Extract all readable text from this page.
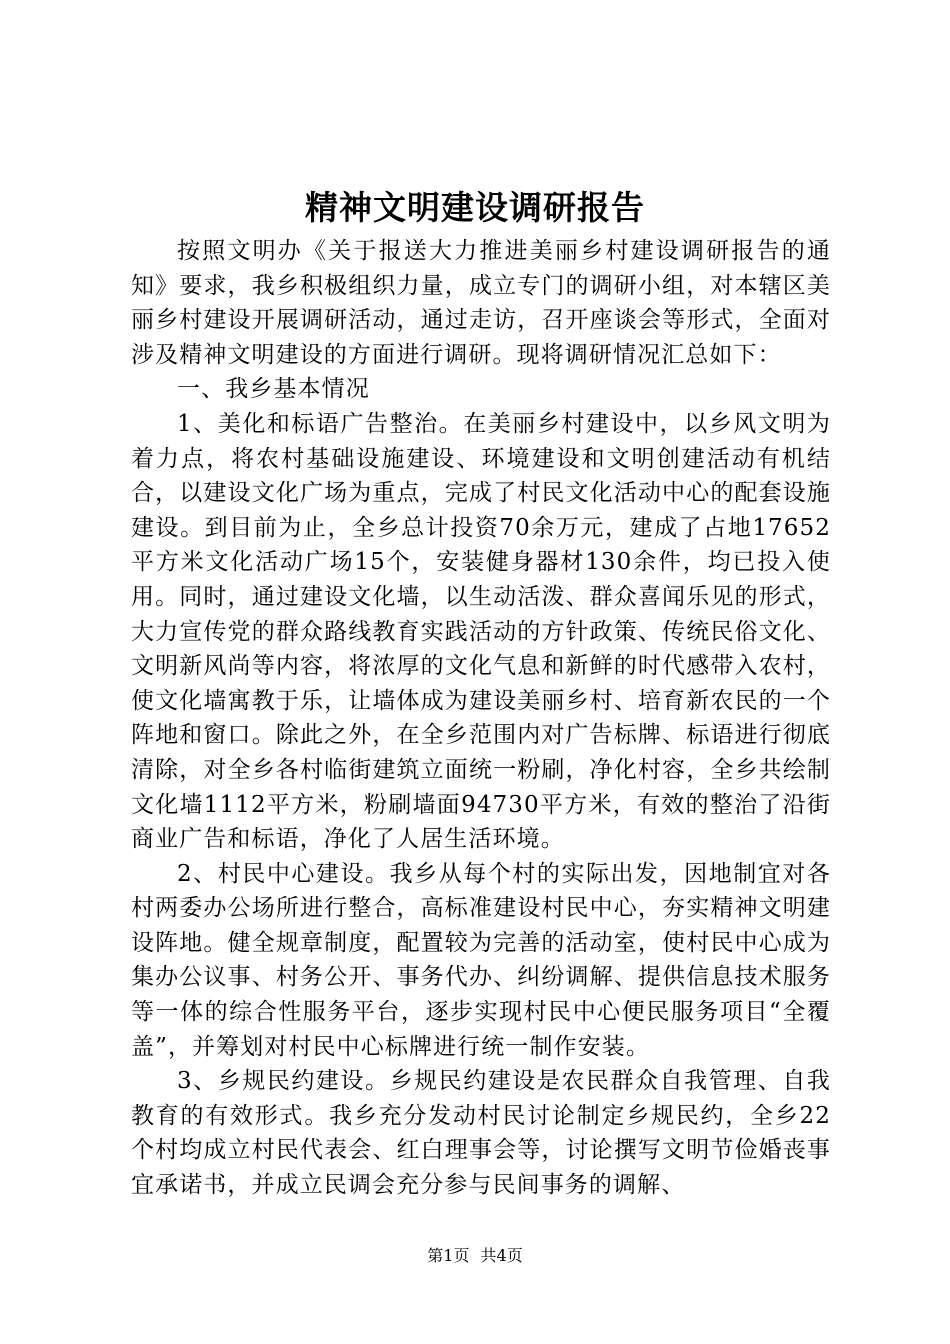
精神文明建设调研报告

按照文明办《关于报送大力推进美丽乡村建设调研报告的通知》要求，我乡积极组织力量，成立专门的调研小组，对本辖区美丽乡村建设开展调研活动，通过走访，召开座谈会等形式，全面对涉及精神文明建设的方面进行调研。现将调研情况汇总如下：

一、我乡基本情况

1、美化和标语广告整治。在美丽乡村建设中，以乡风文明为着力点，将农村基础设施建设、环境建设和文明创建活动有机结合，以建设文化广场为重点，完成了村民文化活动中心的配套设施建设。到目前为止，全乡总计投资70余万元，建成了占地17652平方米文化活动广场15个，安装健身器材130余件，均已投入使用。同时，通过建设文化墙，以生动活泼、群众喜闻乐见的形式，大力宣传党的群众路线教育实践活动的方针政策、传统民俗文化、文明新风尚等内容，将浓厚的文化气息和新鲜的时代感带入农村，使文化墙寓教于乐，让墙体成为建设美丽乡村、培育新农民的一个阵地和窗口。除此之外，在全乡范围内对广告标牌、标语进行彻底清除，对全乡各村临街建筑立面统一粉刷，净化村容，全乡共绘制文化墙1112平方米，粉刷墙面94730平方米，有效的整治了沿街商业广告和标语，净化了人居生活环境。

2、村民中心建设。我乡从每个村的实际出发，因地制宜对各村两委办公场所进行整合，高标准建设村民中心，夯实精神文明建设阵地。健全规章制度，配置较为完善的活动室，使村民中心成为集办公议事、村务公开、事务代办、纠纷调解、提供信息技术服务等一体的综合性服务平台，逐步实现村民中心便民服务项目“全覆盖”，并筹划对村民中心标牌进行统一制作安装。

3、乡规民约建设。乡规民约建设是农民群众自我管理、自我教育的有效形式。我乡充分发动村民讨论制定乡规民约，全乡22个村均成立村民代表会、红白理事会等，讨论撰写文明节俭婚丧事宜承诺书，并成立民调会充分参与民间事务的调解、

第1页 共4页
